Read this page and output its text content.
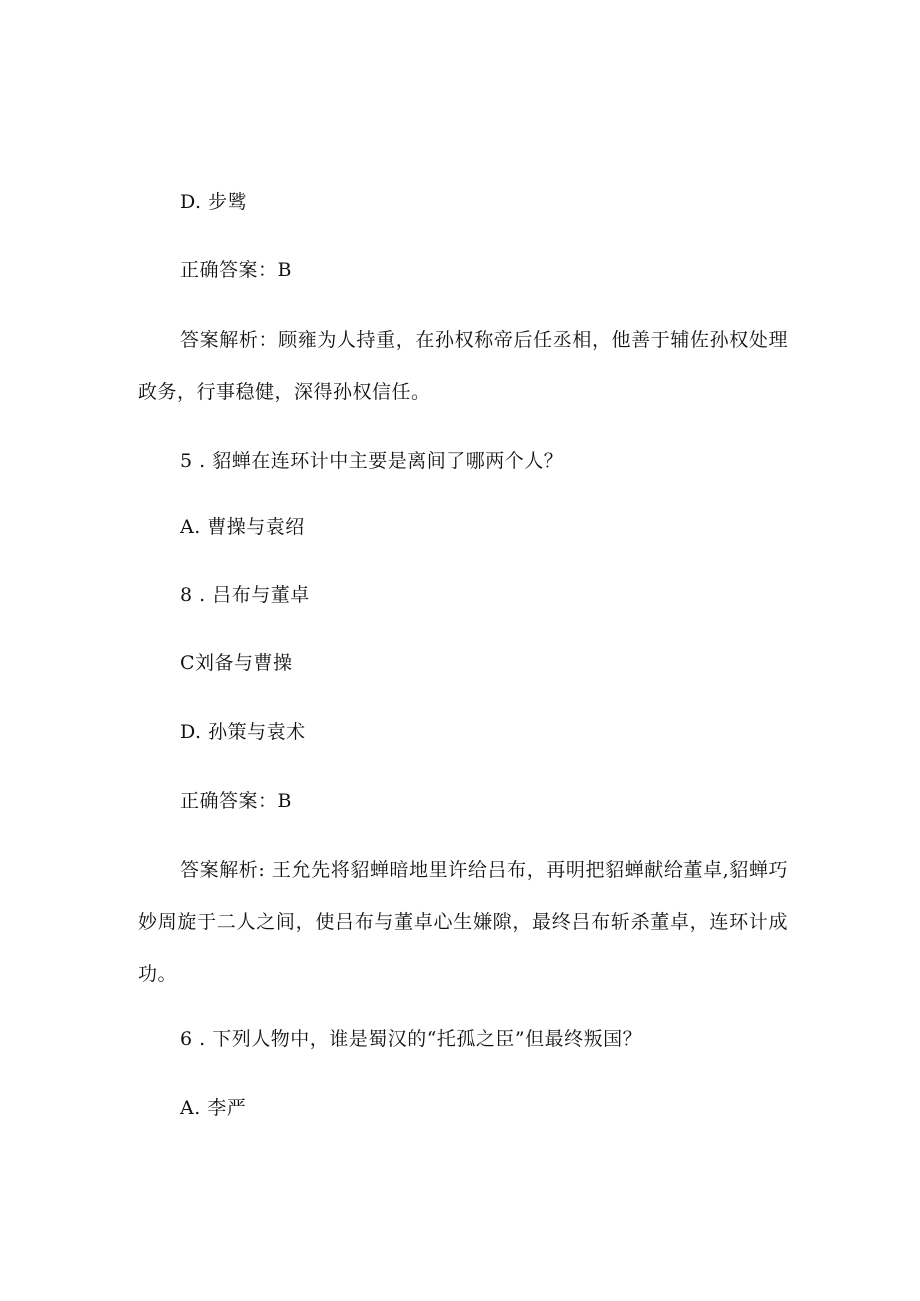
D. 步骘
正确答案：B
答案解析：顾雍为人持重，在孙权称帝后任丞相，他善于辅佐孙权处理政务，行事稳健，深得孙权信任。
5 . 貂蝉在连环计中主要是离间了哪两个人？
A. 曹操与袁绍
8 . 吕布与董卓
C刘备与曹操
D. 孙策与袁术
正确答案：B
答案解析: 王允先将貂蝉暗地里许给吕布，再明把貂蝉献给董卓,貂蝉巧妙周旋于二人之间，使吕布与董卓心生嫌隙，最终吕布斩杀董卓，连环计成功。
6 . 下列人物中，谁是蜀汉的“托孤之臣”但最终叛国？
A. 李严
